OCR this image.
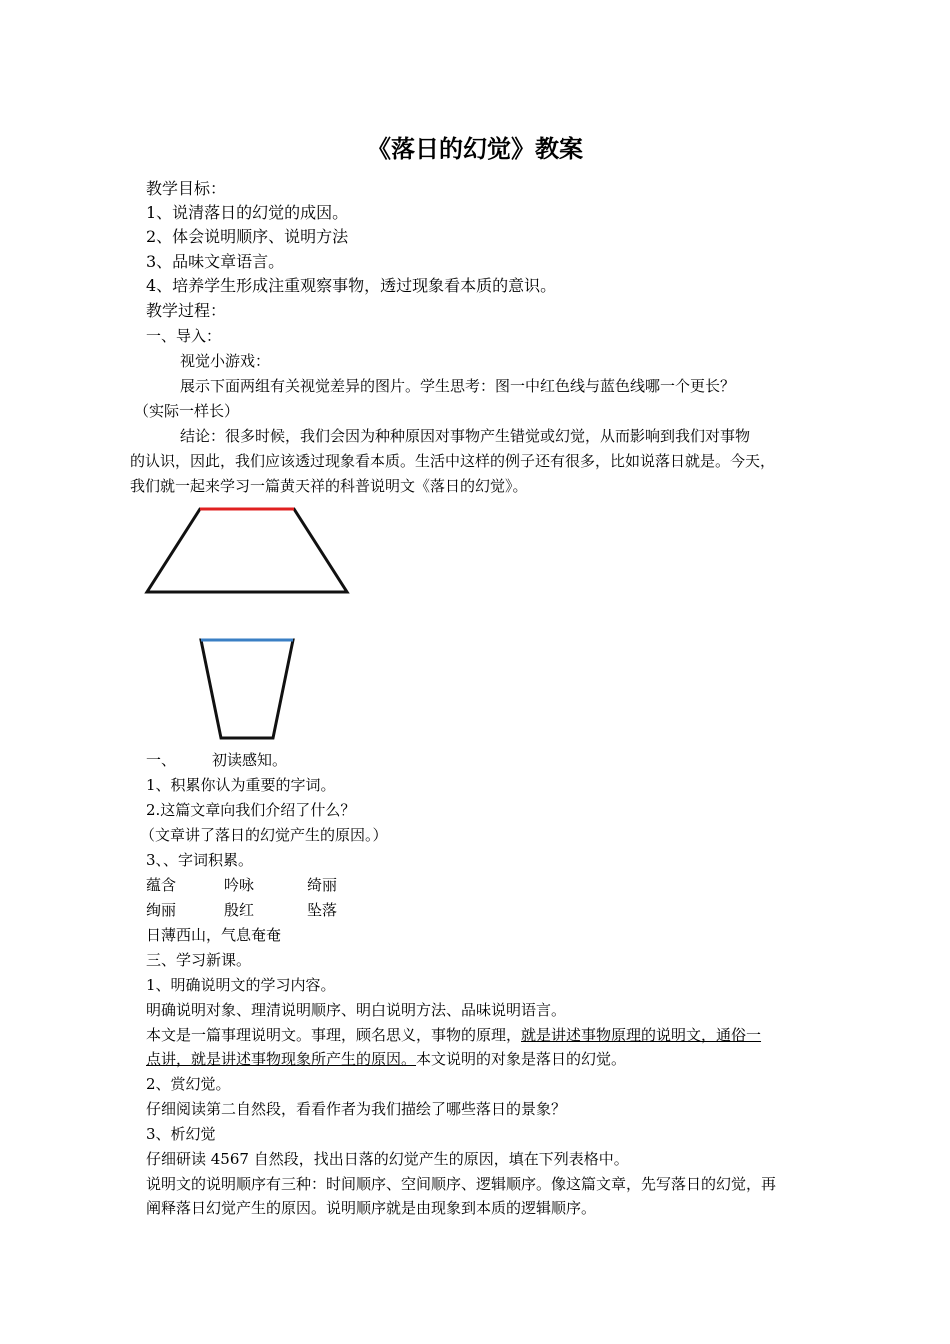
《落日的幻觉》教案
教学目标：
1、说清落日的幻觉的成因。
2、体会说明顺序、说明方法
3、品味文章语言。
4、培养学生形成注重观察事物，透过现象看本质的意识。
教学过程：
一、导入：
视觉小游戏：
展示下面两组有关视觉差异的图片。学生思考：图一中红色线与蓝色线哪一个更长？
（实际一样长）
结论：很多时候，我们会因为种种原因对事物产生错觉或幻觉，从而影响到我们对事物
的认识，因此，我们应该透过现象看本质。生活中这样的例子还有很多，比如说落日就是。今天，
我们就一起来学习一篇黄天祥的科普说明文《落日的幻觉》。
一、 初读感知。
1、积累你认为重要的字词。
2.这篇文章向我们介绍了什么？
（文章讲了落日的幻觉产生的原因。）
3、、字词积累。
蕴含	吟咏	绮丽
绚丽	殷红	坠落
日薄西山，气息奄奄
三、学习新课。
1、明确说明文的学习内容。
明确说明对象、理清说明顺序、明白说明方法、品味说明语言。
本文是一篇事理说明文。事理，顾名思义，事物的原理，就是讲述事物原理的说明文，通俗一
点讲，就是讲述事物现象所产生的原因。本文说明的对象是落日的幻觉。
2、赏幻觉。
仔细阅读第二自然段，看看作者为我们描绘了哪些落日的景象？
3、析幻觉
仔细研读 4567 自然段，找出日落的幻觉产生的原因，填在下列表格中。
说明文的说明顺序有三种：时间顺序、空间顺序、逻辑顺序。像这篇文章，先写落日的幻觉，再
阐释落日幻觉产生的原因。说明顺序就是由现象到本质的逻辑顺序。
